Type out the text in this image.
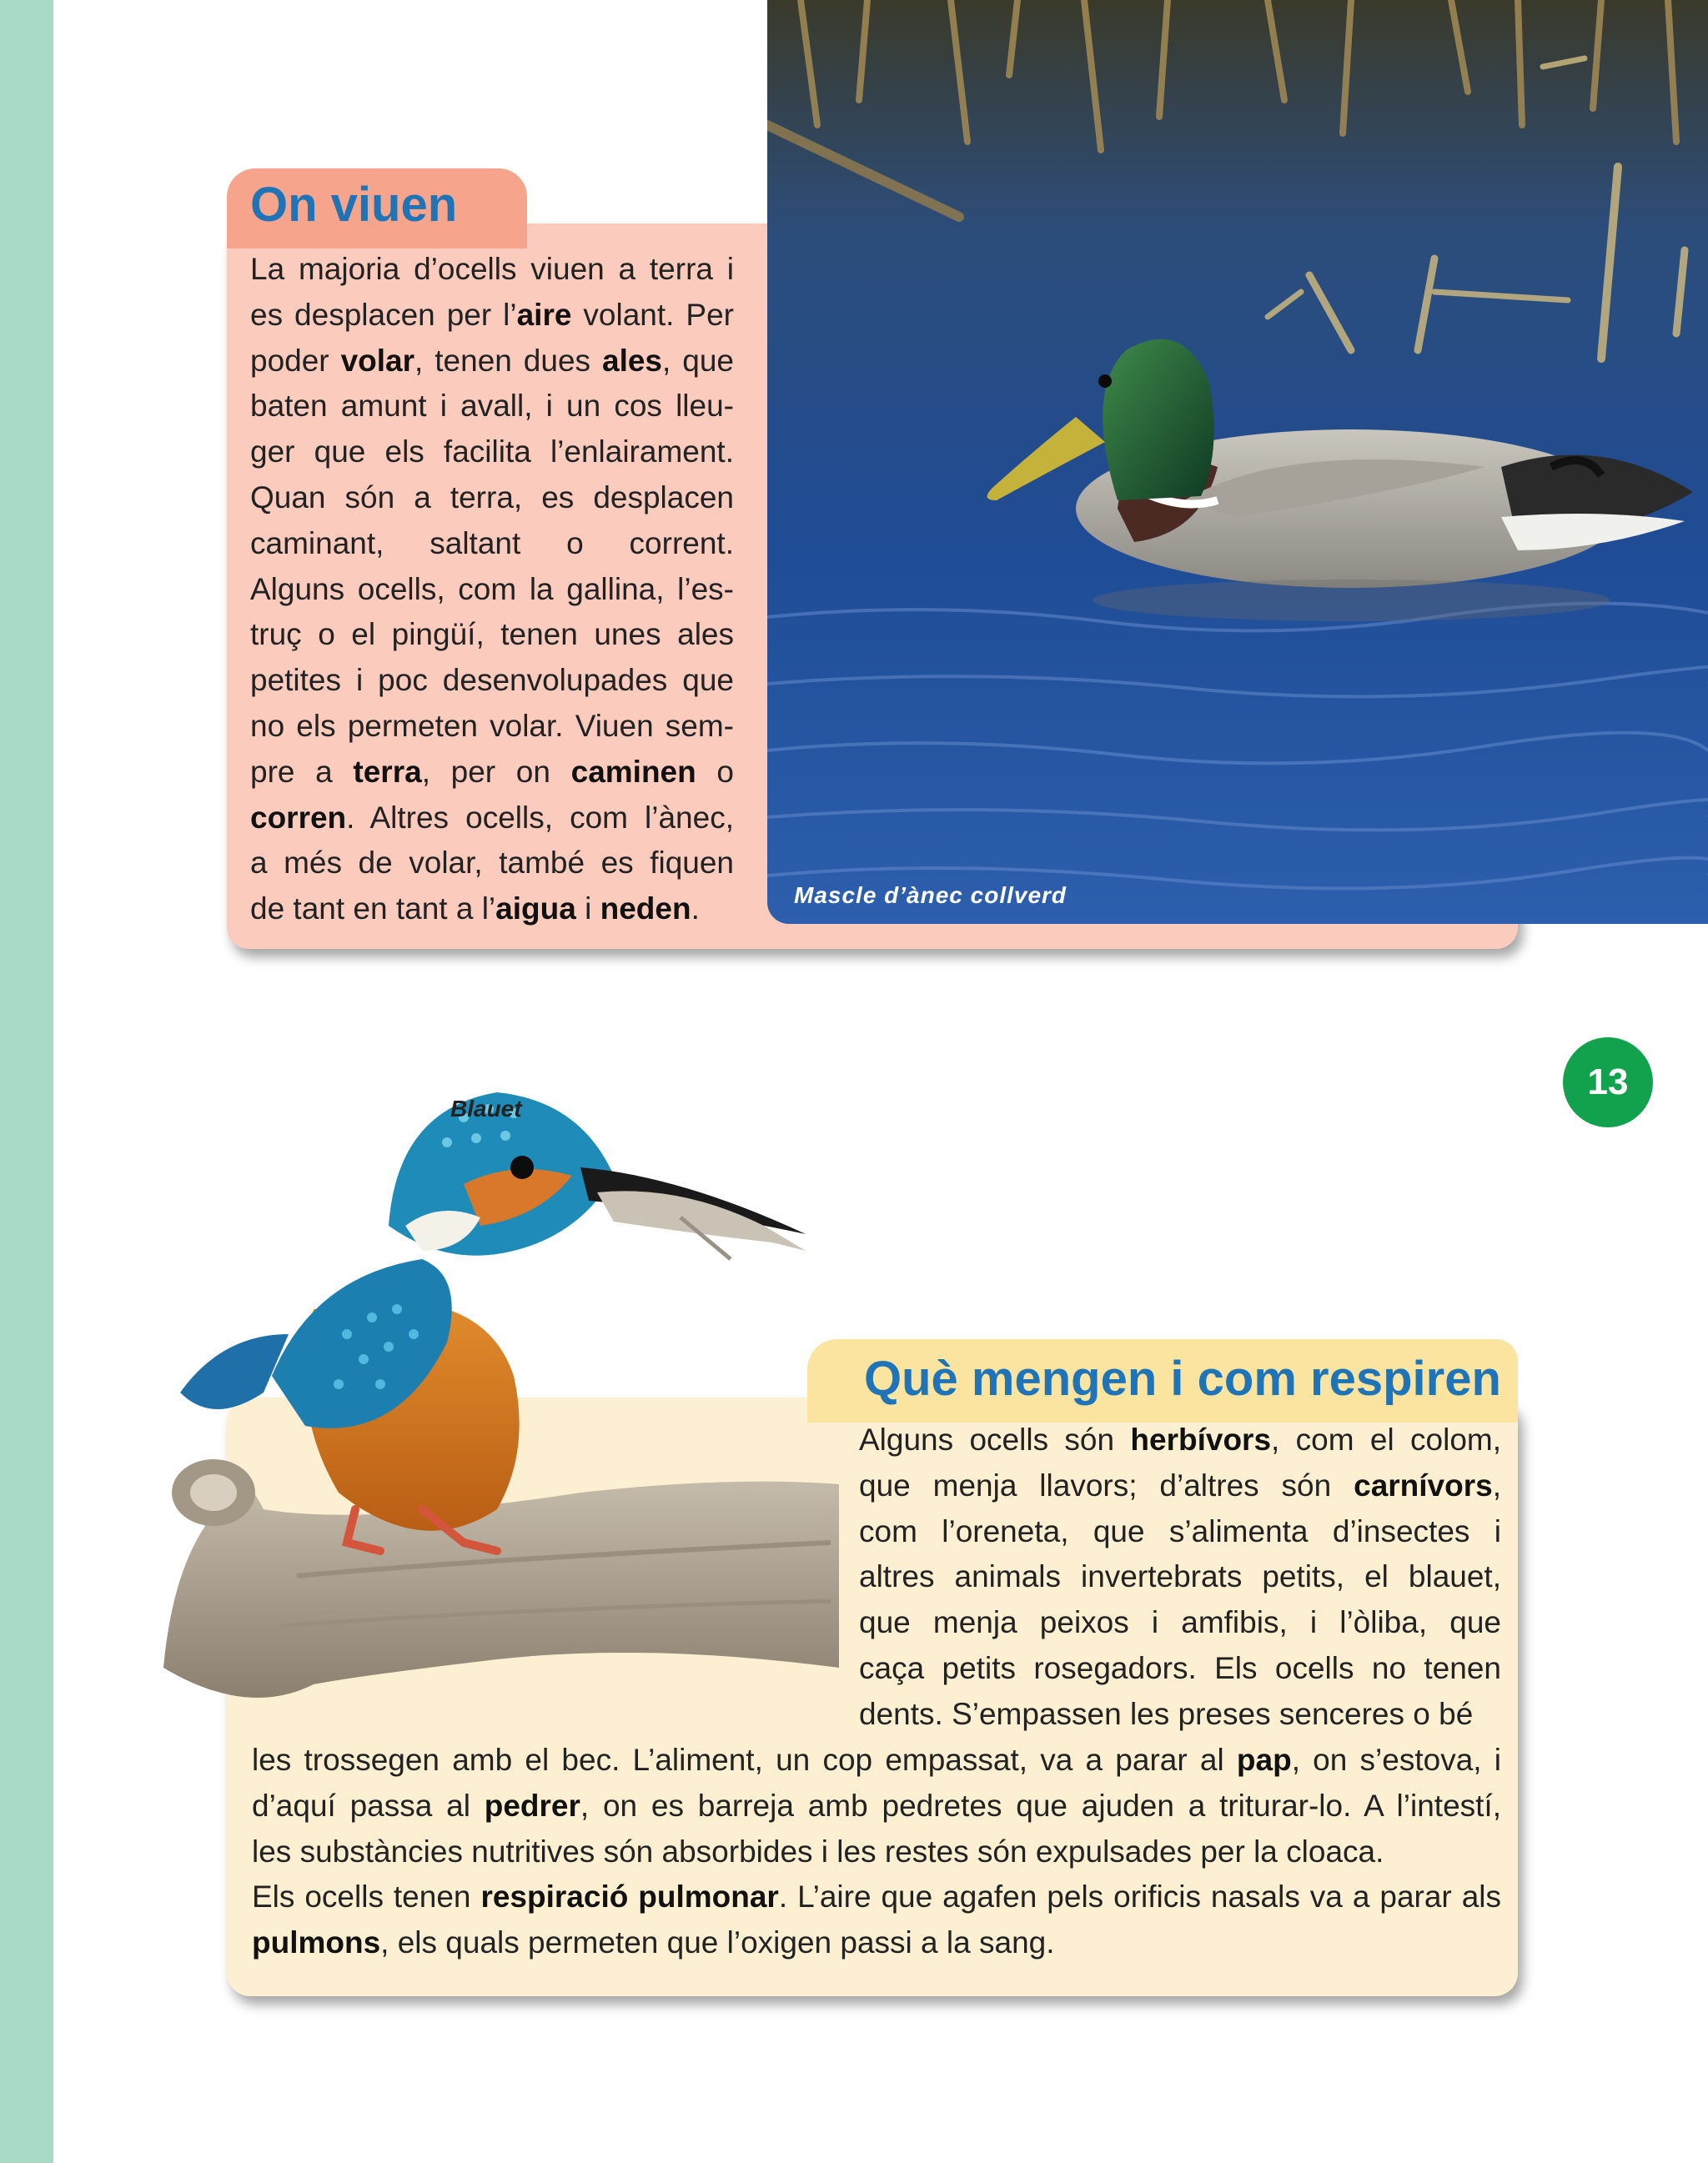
On viuen

La majoria d’ocells viuen a terra i
es desplacen per l’aire volant. Per
poder volar, tenen dues ales, que
baten amunt i avall, i un cos lleu-
ger que els facilita l’enlairament.
Quan són a terra, es desplacen
caminant, saltant o corrent.
Alguns ocells, com la gallina, l’es-
truç o el pingüí, tenen unes ales
petites i poc desenvolupades que
no els permeten volar. Viuen sem-
pre a terra, per on caminen o
corren. Altres ocells, com l’ànec,
a més de volar, també es fiquen
de tant en tant a l’aigua i neden.	Mascle d’ànec collverd

13
Què mengen i com respiren

Alguns ocells són herbívors, com el colom,
que menja llavors; d’altres són carnívors,
com l’oreneta, que s’alimenta d’insectes i
altres animals invertebrats petits, el blauet,
que menja peixos i amfibis, i l’òliba, que
caça petits rosegadors. Els ocells no tenen
dents. S’empassen les preses senceres o bé

les trossegen amb el bec. L’aliment, un cop empassat, va a parar al pap, on s’estova, i
d’aquí passa al pedrer, on es barreja amb pedretes que ajuden a triturar-lo. A l’intestí,
les substàncies nutritives són absorbides i les restes són expulsades per la cloaca.
Els ocells tenen respiració pulmonar. L’aire que agafen pels orificis nasals va a parar als
pulmons, els quals permeten que l’oxigen passi a la sang.

Blauet
